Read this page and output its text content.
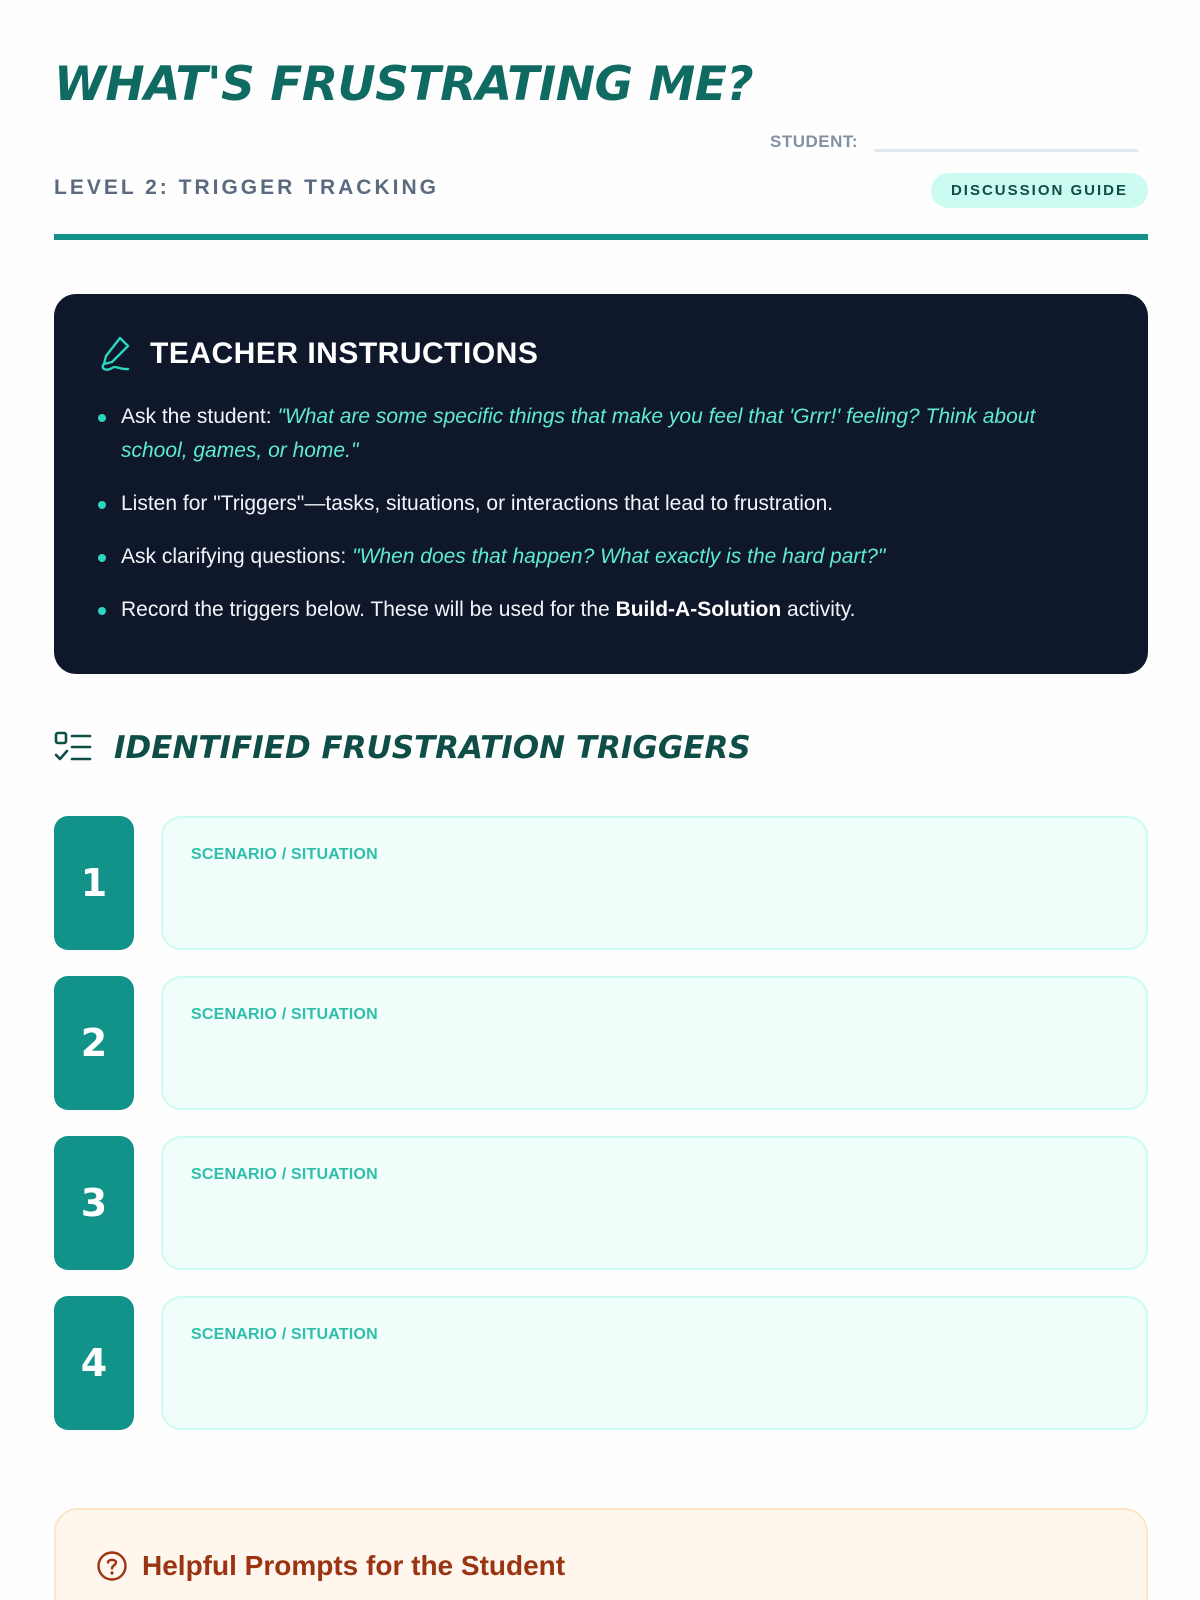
WHAT'S FRUSTRATING ME?
LEVEL 2: TRIGGER TRACKING
STUDENT:
DISCUSSION GUIDE
TEACHER INSTRUCTIONS
Ask the student: "What are some specific things that make you feel that 'Grrr!' feeling? Think about school, games, or home."
Listen for "Triggers"—tasks, situations, or interactions that lead to frustration.
Ask clarifying questions: "When does that happen? What exactly is the hard part?"
Record the triggers below. These will be used for the Build-A-Solution activity.
IDENTIFIED FRUSTRATION TRIGGERS
1
SCENARIO / SITUATION
2
SCENARIO / SITUATION
3
SCENARIO / SITUATION
4
SCENARIO / SITUATION
Helpful Prompts for the Student
